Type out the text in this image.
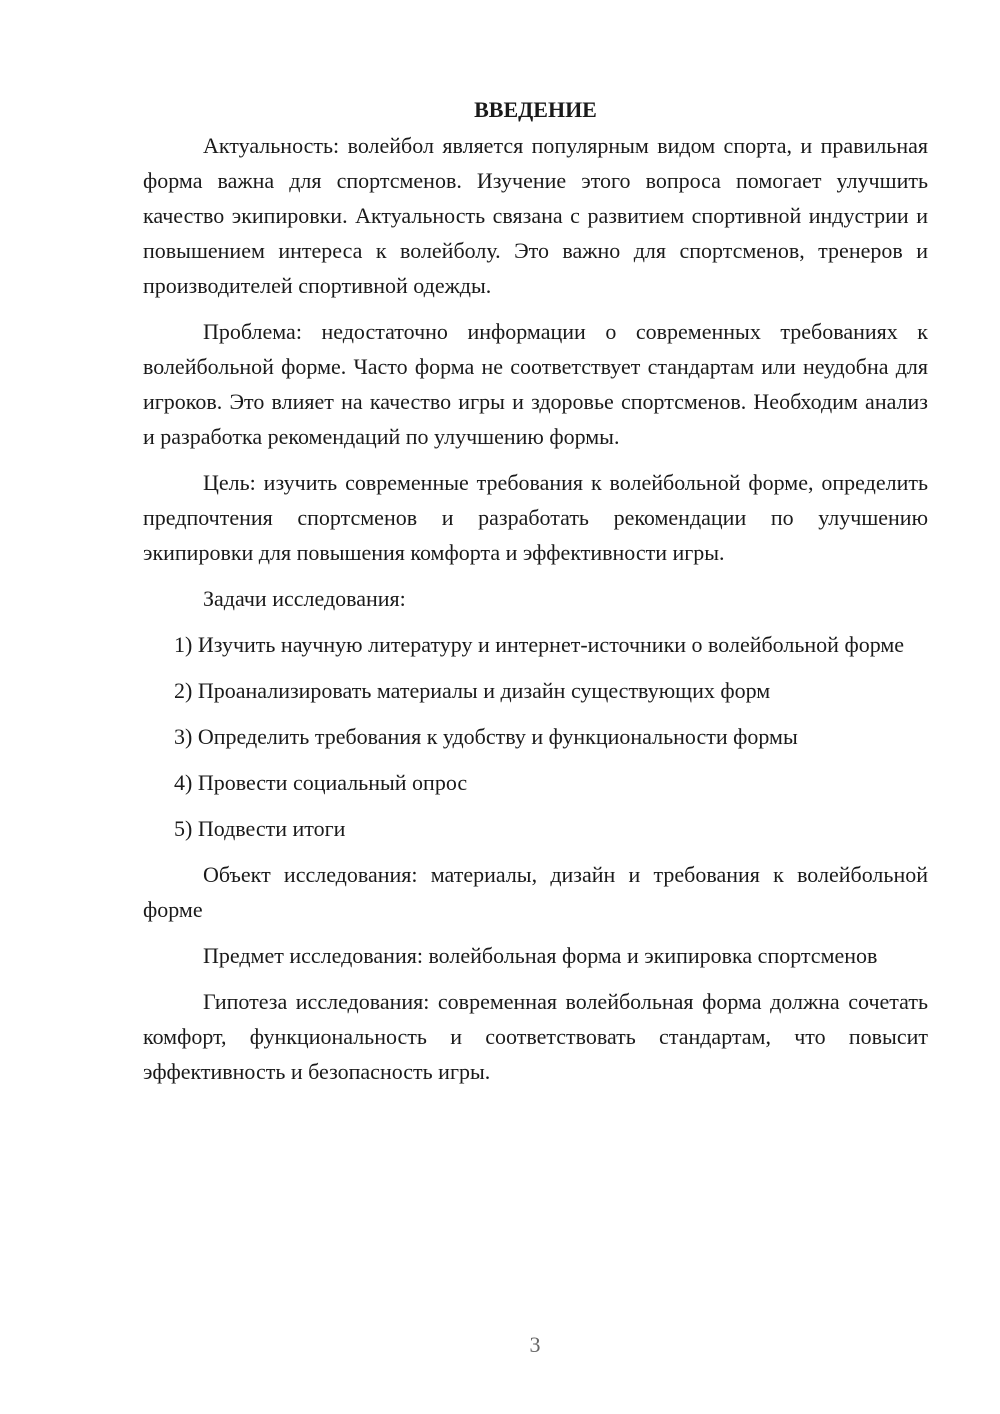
ВВЕДЕНИЕ

Актуальность: волейбол является популярным видом спорта, и правильная форма важна для спортсменов. Изучение этого вопроса помогает улучшить качество экипировки. Актуальность связана с развитием спортивной индустрии и повышением интереса к волейболу. Это важно для спортсменов, тренеров и производителей спортивной одежды.

Проблема: недостаточно информации о современных требованиях к волейбольной форме. Часто форма не соответствует стандартам или неудобна для игроков. Это влияет на качество игры и здоровье спортсменов. Необходим анализ и разработка рекомендаций по улучшению формы.

Цель: изучить современные требования к волейбольной форме, определить предпочтения спортсменов и разработать рекомендации по улучшению экипировки для повышения комфорта и эффективности игры.

Задачи исследования:

1) Изучить научную литературу и интернет-источники о волейбольной форме
2) Проанализировать материалы и дизайн существующих форм
3) Определить требования к удобству и функциональности формы
4) Провести социальный опрос
5) Подвести итоги

Объект исследования: материалы, дизайн и требования к волейбольной форме

Предмет исследования: волейбольная форма и экипировка спортсменов

Гипотеза исследования: современная волейбольная форма должна сочетать комфорт, функциональность и соответствовать стандартам, что повысит эффективность и безопасность игры.

3
